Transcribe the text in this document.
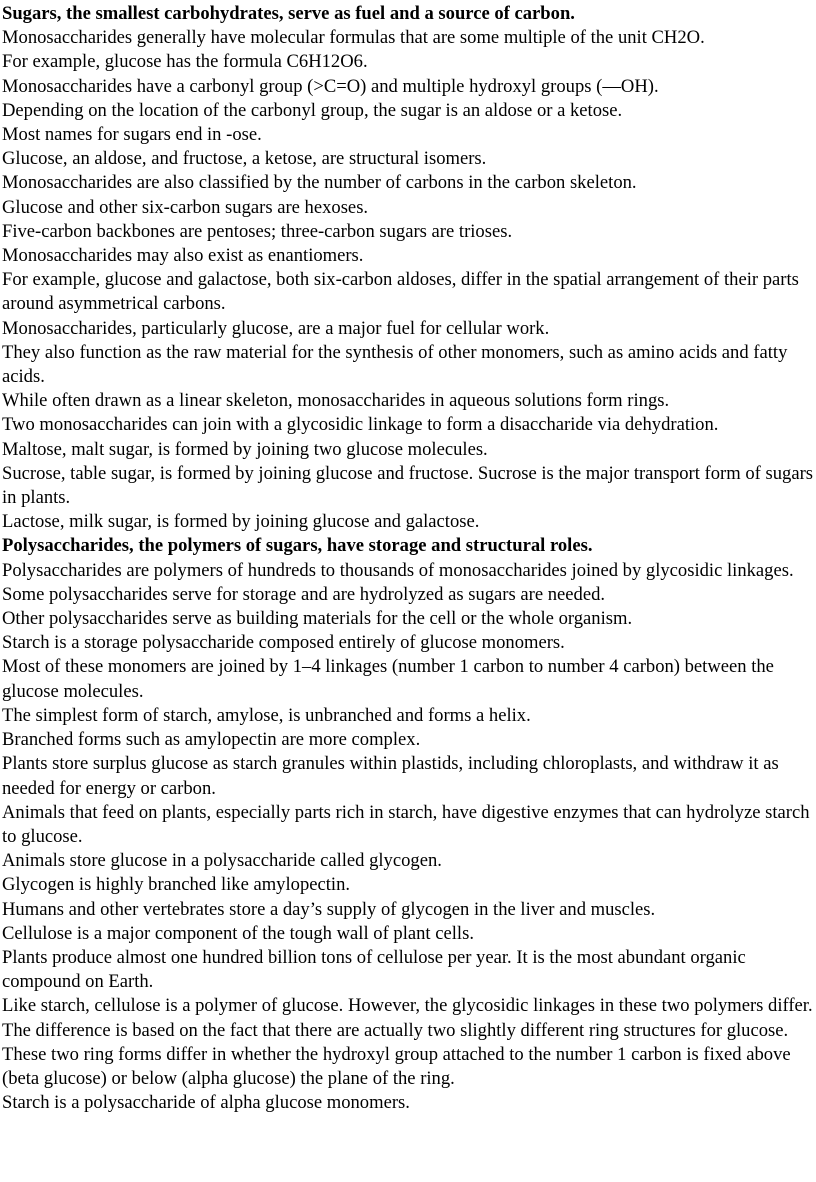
Sugars, the smallest carbohydrates, serve as fuel and a source of carbon.

Monosaccharides generally have molecular formulas that are some multiple of the unit CH2O.

For example, glucose has the formula C6H12O6.

Monosaccharides have a carbonyl group (>C=O) and multiple hydroxyl groups (—OH).

Depending on the location of the carbonyl group, the sugar is an aldose or a ketose.

Most names for sugars end in -ose.

Glucose, an aldose, and fructose, a ketose, are structural isomers.

Monosaccharides are also classified by the number of carbons in the carbon skeleton.

Glucose and other six-carbon sugars are hexoses.

Five-carbon backbones are pentoses; three-carbon sugars are trioses.

Monosaccharides may also exist as enantiomers.

For example, glucose and galactose, both six-carbon aldoses, differ in the spatial arrangement of their parts around asymmetrical carbons.

Monosaccharides, particularly glucose, are a major fuel for cellular work.

They also function as the raw material for the synthesis of other monomers, such as amino acids and fatty acids.

While often drawn as a linear skeleton, monosaccharides in aqueous solutions form rings.

Two monosaccharides can join with a glycosidic linkage to form a disaccharide via dehydration.

Maltose, malt sugar, is formed by joining two glucose molecules.

Sucrose, table sugar, is formed by joining glucose and fructose. Sucrose is the major transport form of sugars in plants.

Lactose, milk sugar, is formed by joining glucose and galactose.

Polysaccharides, the polymers of sugars, have storage and structural roles.

Polysaccharides are polymers of hundreds to thousands of monosaccharides joined by glycosidic linkages.

Some polysaccharides serve for storage and are hydrolyzed as sugars are needed.

Other polysaccharides serve as building materials for the cell or the whole organism.

Starch is a storage polysaccharide composed entirely of glucose monomers.

Most of these monomers are joined by 1–4 linkages (number 1 carbon to number 4 carbon) between the glucose molecules.

The simplest form of starch, amylose, is unbranched and forms a helix.

Branched forms such as amylopectin are more complex.

Plants store surplus glucose as starch granules within plastids, including chloroplasts, and withdraw it as needed for energy or carbon.

Animals that feed on plants, especially parts rich in starch, have digestive enzymes that can hydrolyze starch to glucose.

Animals store glucose in a polysaccharide called glycogen.

Glycogen is highly branched like amylopectin.

Humans and other vertebrates store a day’s supply of glycogen in the liver and muscles.

Cellulose is a major component of the tough wall of plant cells.

Plants produce almost one hundred billion tons of cellulose per year. It is the most abundant organic compound on Earth.

Like starch, cellulose is a polymer of glucose. However, the glycosidic linkages in these two polymers differ.

The difference is based on the fact that there are actually two slightly different ring structures for glucose.

These two ring forms differ in whether the hydroxyl group attached to the number 1 carbon is fixed above (beta glucose) or below (alpha glucose) the plane of the ring.

Starch is a polysaccharide of alpha glucose monomers.
